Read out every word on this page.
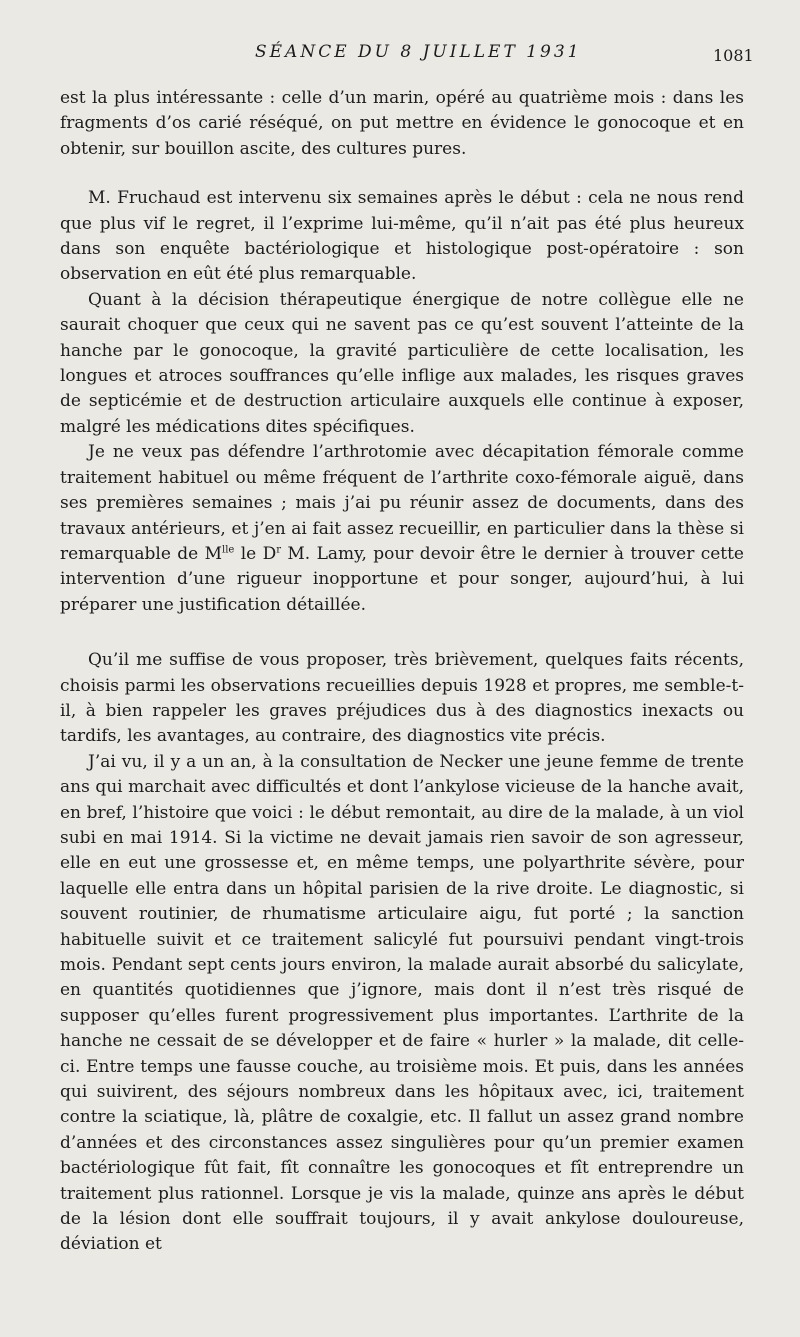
SÉANCE DU 8 JUILLET 1931	1081

est la plus intéressante : celle d’un marin, opéré au quatrième mois : dans les fragments d’os carié réséqué, on put mettre en évidence le gonocoque et en obtenir, sur bouillon ascite, des cultures pures.

M. Fruchaud est intervenu six semaines après le début : cela ne nous rend que plus vif le regret, il l’exprime lui-même, qu’il n’ait pas été plus heureux dans son enquête bactériologique et histologique post-opératoire : son observation en eût été plus remarquable.

Quant à la décision thérapeutique énergique de notre collègue elle ne saurait choquer que ceux qui ne savent pas ce qu’est souvent l’atteinte de la hanche par le gonocoque, la gravité particulière de cette localisation, les longues et atroces souffrances qu’elle inflige aux malades, les risques graves de septicémie et de destruction articulaire auxquels elle continue à exposer, malgré les médications dites spécifiques.

Je ne veux pas défendre l’arthrotomie avec décapitation fémorale comme traitement habituel ou même fréquent de l’arthrite coxo-fémorale aiguë, dans ses premières semaines ; mais j’ai pu réunir assez de documents, dans des travaux antérieurs, et j’en ai fait assez recueillir, en particulier dans la thèse si remarquable de $M^{lle}$ le $D^r$ M. Lamy, pour devoir être le dernier à trouver cette intervention d’une rigueur inopportune et pour songer, aujourd’hui, à lui préparer une justification détaillée.

Qu’il me suffise de vous proposer, très brièvement, quelques faits récents, choisis parmi les observations recueillies depuis 1928 et propres, me semble-t-il, à bien rappeler les graves préjudices dus à des diagnostics inexacts ou tardifs, les avantages, au contraire, des diagnostics vite précis.

J’ai vu, il y a un an, à la consultation de Necker une jeune femme de trente ans qui marchait avec difficultés et dont l’ankylose vicieuse de la hanche avait, en bref, l’histoire que voici : le début remontait, au dire de la malade, à un viol subi en mai 1914. Si la victime ne devait jamais rien savoir de son agresseur, elle en eut une grossesse et, en même temps, une polyarthrite sévère, pour laquelle elle entra dans un hôpital parisien de la rive droite. Le diagnostic, si souvent routinier, de rhumatisme articulaire aigu, fut porté ; la sanction habituelle suivit et ce traitement salicylé fut poursuivi pendant vingt-trois mois. Pendant sept cents jours environ, la malade aurait absorbé du salicylate, en quantités quotidiennes que j’ignore, mais dont il n’est très risqué de supposer qu’elles furent progressivement plus importantes. L’arthrite de la hanche ne cessait de se développer et de faire « hurler » la malade, dit celle-ci. Entre temps une fausse couche, au troisième mois. Et puis, dans les années qui suivirent, des séjours nombreux dans les hôpitaux avec, ici, traitement contre la sciatique, là, plâtre de coxalgie, etc. Il fallut un assez grand nombre d’années et des circonstances assez singulières pour qu’un premier examen bactériologique fût fait, fît connaître les gonocoques et fît entreprendre un traitement plus rationnel. Lorsque je vis la malade, quinze ans après le début de la lésion dont elle souffrait toujours, il y avait ankylose douloureuse, déviation et
